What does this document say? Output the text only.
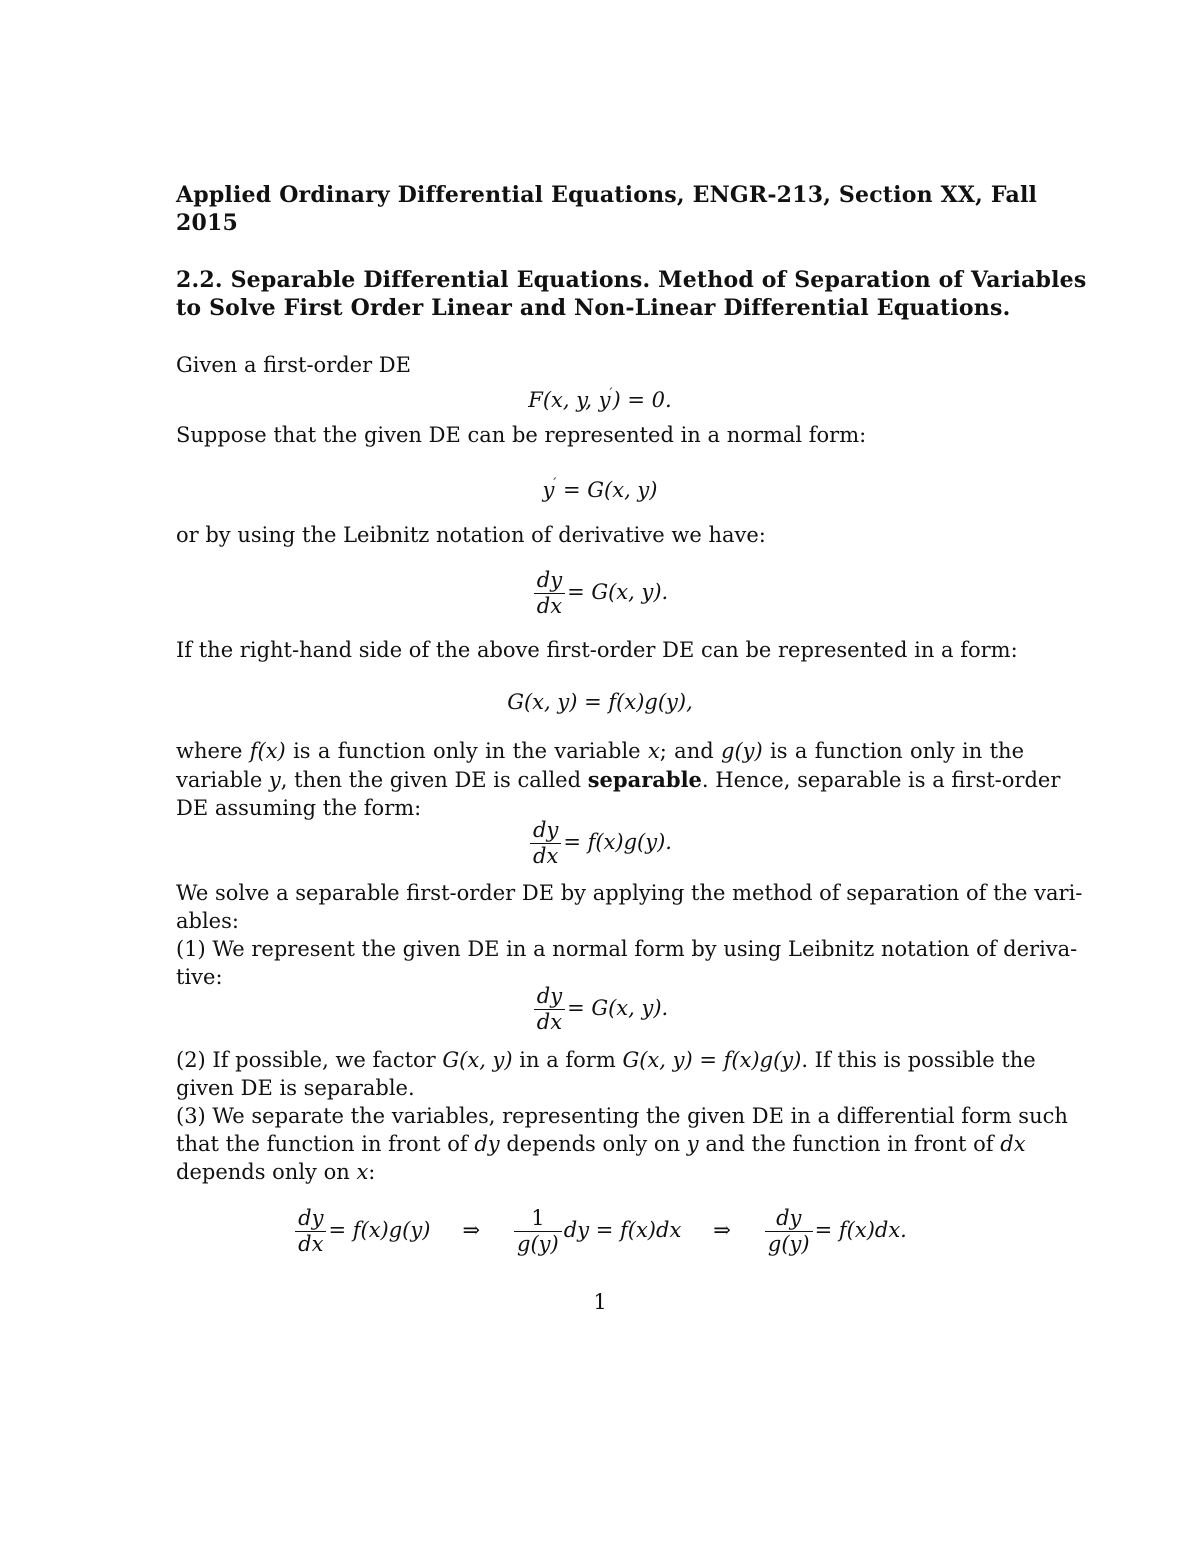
Applied Ordinary Differential Equations, ENGR-213, Section XX, Fall
2015
2.2. Separable Differential Equations. Method of Separation of Variables
to Solve First Order Linear and Non-Linear Differential Equations.
Given a first-order DE
F(x, y, y′) = 0.
Suppose that the given DE can be represented in a normal form:
y′ = G(x, y)
or by using the Leibnitz notation of derivative we have:
$\frac{dy}{dx} = G(x$, y).
If the right-hand side of the above first-order DE can be represented in a form:
G(x, y) = f(x)g(y),
where f(x) is a function only in the variable x; and g(y) is a function only in the
variable y, then the given DE is called separable. Hence, separable is a first-order
DE assuming the form:
$\frac{dy}{dx} = f(x)g(y)$.
We solve a separable first-order DE by applying the method of separation of the vari-
ables:
(1) We represent the given DE in a normal form by using Leibnitz notation of deriva-
tive:
$\frac{dy}{dx} = G(x$, y).
(2) If possible, we factor G(x, y) in a form G(x, y) = f(x)g(y). If this is possible the
given DE is separable.
(3) We separate the variables, representing the given DE in a differential form such
that the function in front of dy depends only on y and the function in front of dx
depends only on x:
$\frac{dy}{dx} = f(x)g(y)$ ⇒ $\frac{1}{g(y)}$ dy = f(x)dx ⇒ $\frac{dy}{g(y)} = f(x)dx$.
1
